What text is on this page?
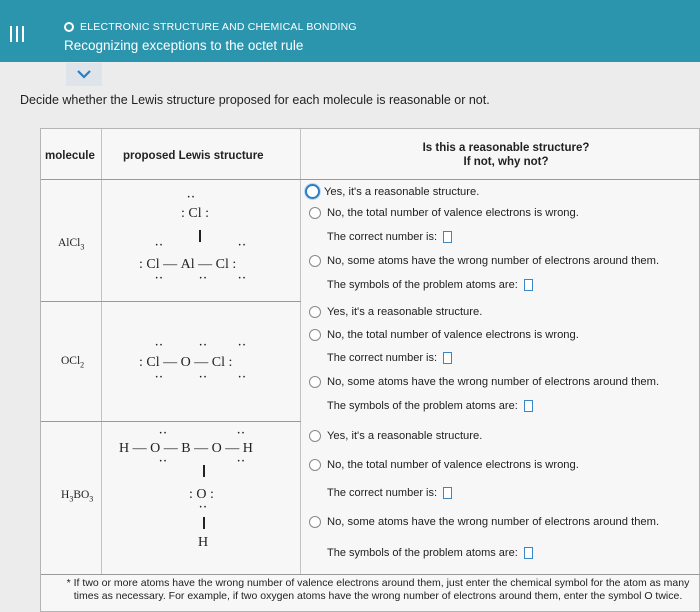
ELECTRONIC STRUCTURE AND CHEMICAL BONDING
Recognizing exceptions to the octet rule
Decide whether the Lewis structure proposed for each molecule is reasonable or not.
molecule proposed Lewis structure
Is this a reasonable structure?
If not, why not?
AlCl$_3$
··
: Cl :
··	··
: Cl — Al — Cl :
··	··	··
Yes, it's a reasonable structure.
No, the total number of valence electrons is wrong.
The correct number is:
No, some atoms have the wrong number of electrons around them.
The symbols of the problem atoms are:
OCl$_2$
··	··	··
: Cl — O — Cl :
··	··	··
Yes, it's a reasonable structure.
No, the total number of valence electrons is wrong.
The correct number is:
No, some atoms have the wrong number of electrons around them.
The symbols of the problem atoms are:
$H_3BO_3$
··	··
H — O — B — O — H
··	··
: O :
··
H
Yes, it's a reasonable structure.
No, the total number of valence electrons is wrong.
The correct number is:
No, some atoms have the wrong number of electrons around them.
The symbols of the problem atoms are:
* If two or more atoms have the wrong number of valence electrons around them, just enter the chemical symbol for the atom as many times as necessary. For example, if two oxygen atoms have the wrong number of electrons around them, enter the symbol O twice.
